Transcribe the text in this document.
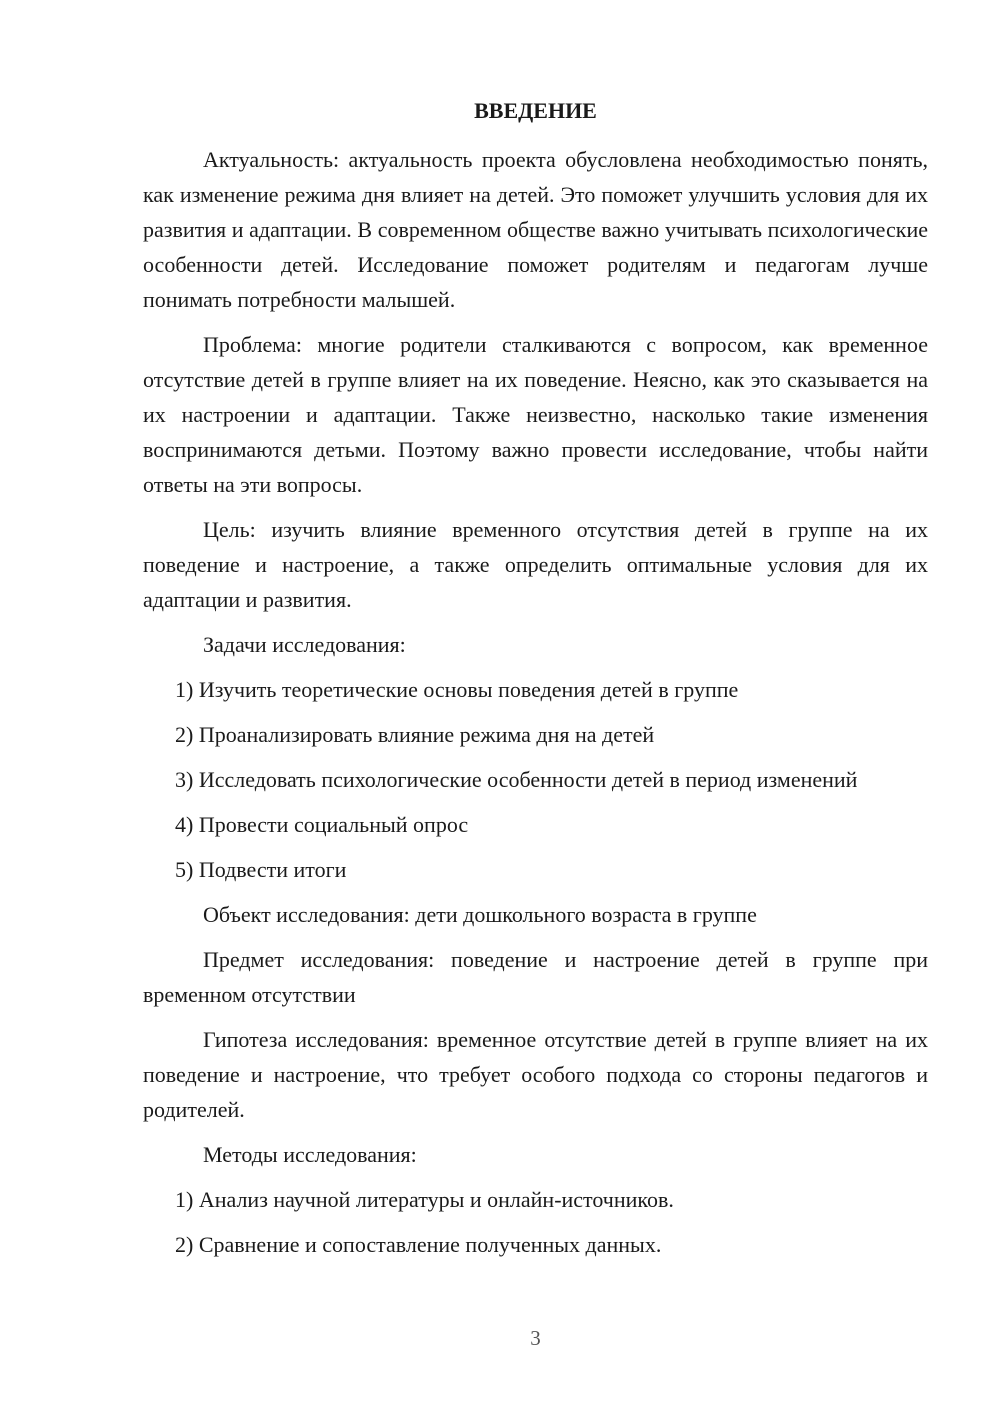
ВВЕДЕНИЕ

Актуальность: актуальность проекта обусловлена необходимостью понять, как изменение режима дня влияет на детей. Это поможет улучшить условия для их развития и адаптации. В современном обществе важно учитывать психологические особенности детей. Исследование поможет родителям и педагогам лучше понимать потребности малышей.

Проблема: многие родители сталкиваются с вопросом, как временное отсутствие детей в группе влияет на их поведение. Неясно, как это сказывается на их настроении и адаптации. Также неизвестно, насколько такие изменения воспринимаются детьми. Поэтому важно провести исследование, чтобы найти ответы на эти вопросы.

Цель: изучить влияние временного отсутствия детей в группе на их поведение и настроение, а также определить оптимальные условия для их адаптации и развития.

Задачи исследования:

1) Изучить теоретические основы поведения детей в группе

2) Проанализировать влияние режима дня на детей

3) Исследовать психологические особенности детей в период изменений

4) Провести социальный опрос

5) Подвести итоги

Объект исследования: дети дошкольного возраста в группе

Предмет исследования: поведение и настроение детей в группе при временном отсутствии

Гипотеза исследования: временное отсутствие детей в группе влияет на их поведение и настроение, что требует особого подхода со стороны педагогов и родителей.

Методы исследования:

1) Анализ научной литературы и онлайн-источников.

2) Сравнение и сопоставление полученных данных.

3
